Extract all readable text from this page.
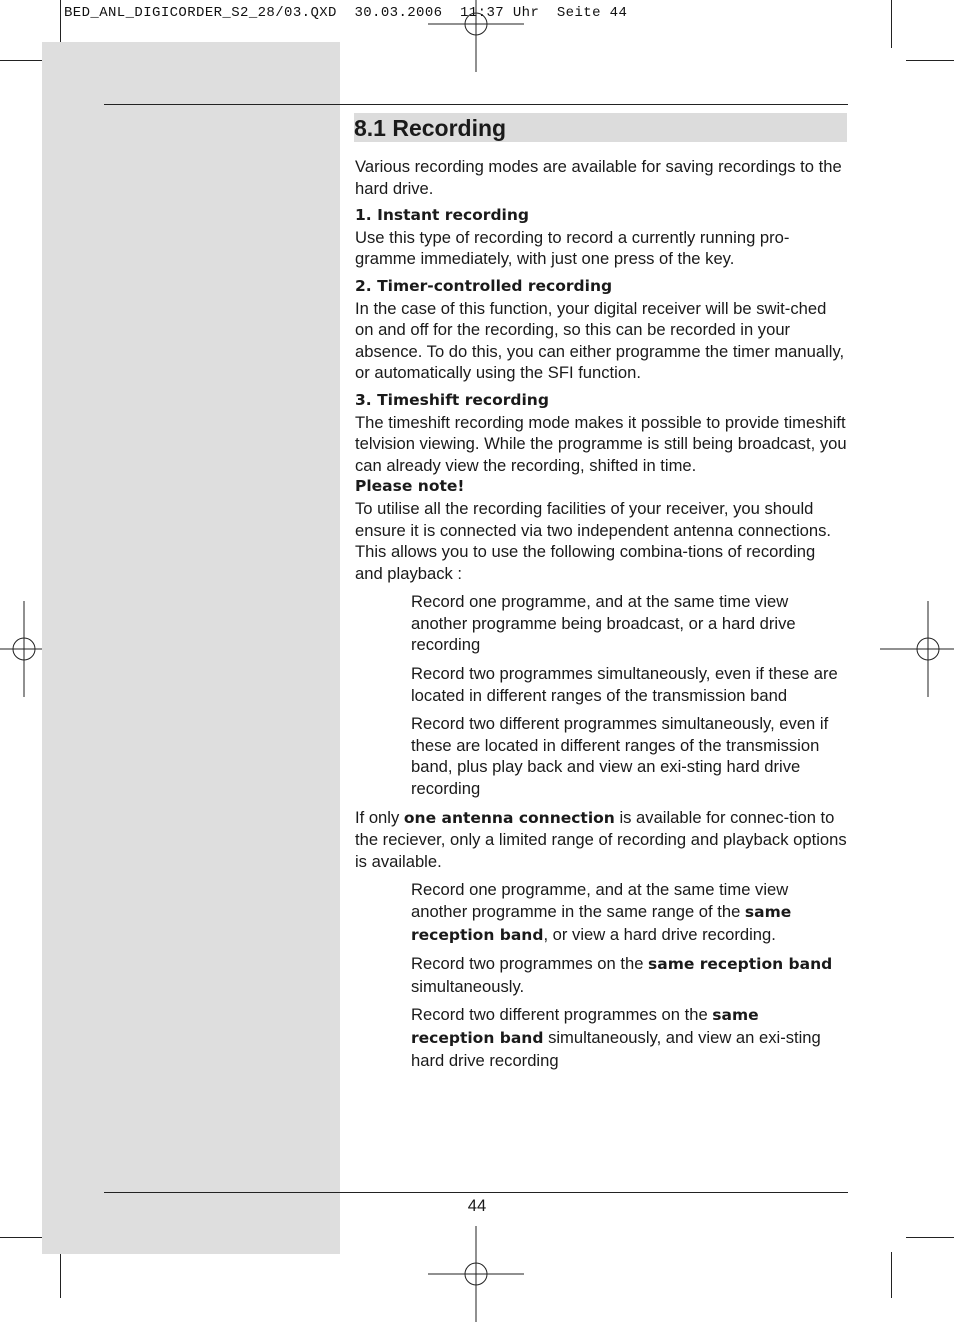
BED_ANL_DIGICORDER_S2_28/03.QXD  30.03.2006  11:37 Uhr  Seite 44
8.1 Recording

Various recording modes are available for saving recordings to the hard drive.

1. Instant recording

Use this type of recording to record a currently running pro-gramme immediately, with just one press of the key.

2. Timer-controlled recording

In the case of this function, your digital receiver will be swit-ched on and off for the recording, so this can be recorded in your absence. To do this, you can either programme the timer manually, or automatically using the SFI function.

3. Timeshift recording

The timeshift recording mode makes it possible to provide timeshift telvision viewing. While the programme is still being broadcast, you can already view the recording, shifted in time.

Please note!

To utilise all the recording facilities of your receiver, you should ensure it is connected via two independent antenna connections. This allows you to use the following combina-tions of recording and playback :

Record one programme, and at the same time view another programme being broadcast, or a hard drive recording

Record two programmes simultaneously, even if these are located in different ranges of the transmission band

Record two different programmes simultaneously, even if these are located in different ranges of the transmission band, plus play back and view an exi-sting hard drive recording

If only one antenna connection is available for connec-tion to the reciever, only a limited range of recording and playback options is available.

Record one programme, and at the same time view another programme in the same range of the same reception band, or view a hard drive recording.

Record two programmes on the same reception band simultaneously.

Record two different programmes on the same reception band simultaneously, and view an exi-sting hard drive recording

44
